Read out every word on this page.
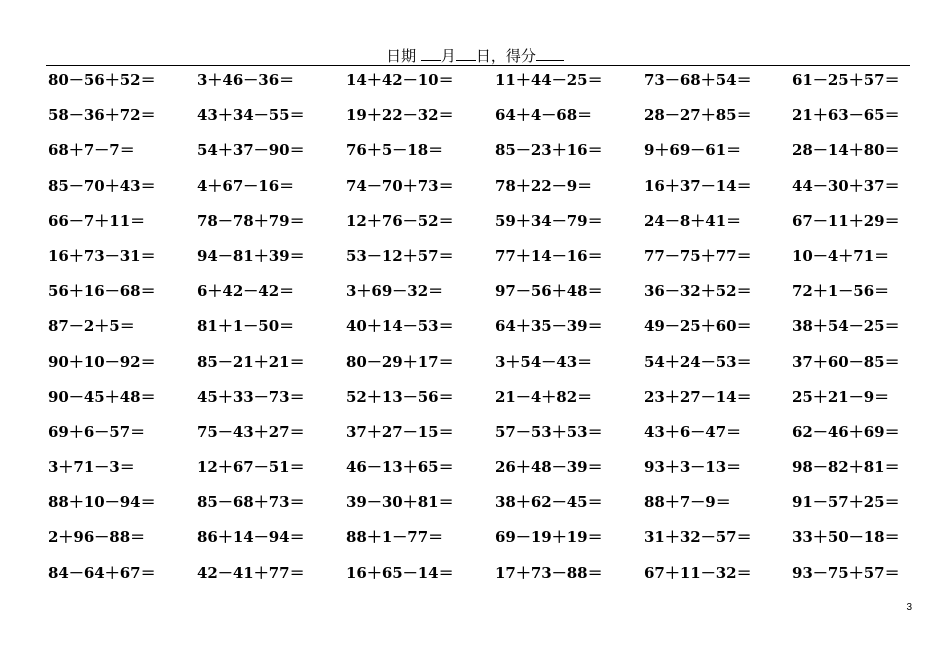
日期 月 日，得分
80－56＋52＝	3＋46－36＝	14＋42－10＝	11＋44－25＝	73－68＋54＝	61－25＋57＝
58－36＋72＝	43＋34－55＝	19＋22－32＝	64＋4－68＝	28－27＋85＝	21＋63－65＝
68＋7－7＝	54＋37－90＝	76＋5－18＝	85－23＋16＝	9＋69－61＝	28－14＋80＝
85－70＋43＝	4＋67－16＝	74－70＋73＝	78＋22－9＝	16＋37－14＝	44－30＋37＝
66－7＋11＝	78－78＋79＝	12＋76－52＝	59＋34－79＝	24－8＋41＝	67－11＋29＝
16＋73－31＝	94－81＋39＝	53－12＋57＝	77＋14－16＝	77－75＋77＝	10－4＋71＝
56＋16－68＝	6＋42－42＝	3＋69－32＝	97－56＋48＝	36－32＋52＝	72＋1－56＝
87－2＋5＝	81＋1－50＝	40＋14－53＝	64＋35－39＝	49－25＋60＝	38＋54－25＝
90＋10－92＝	85－21＋21＝	80－29＋17＝	3＋54－43＝	54＋24－53＝	37＋60－85＝
90－45＋48＝	45＋33－73＝	52＋13－56＝	21－4＋82＝	23＋27－14＝	25＋21－9＝
69＋6－57＝	75－43＋27＝	37＋27－15＝	57－53＋53＝	43＋6－47＝	62－46＋69＝
3＋71－3＝	12＋67－51＝	46－13＋65＝	26＋48－39＝	93＋3－13＝	98－82＋81＝
88＋10－94＝	85－68＋73＝	39－30＋81＝	38＋62－45＝	88＋7－9＝	91－57＋25＝
2＋96－88＝	86＋14－94＝	88＋1－77＝	69－19＋19＝	31＋32－57＝	33＋50－18＝
84－64＋67＝	42－41＋77＝	16＋65－14＝	17＋73－88＝	67＋11－32＝	93－75＋57＝
3
